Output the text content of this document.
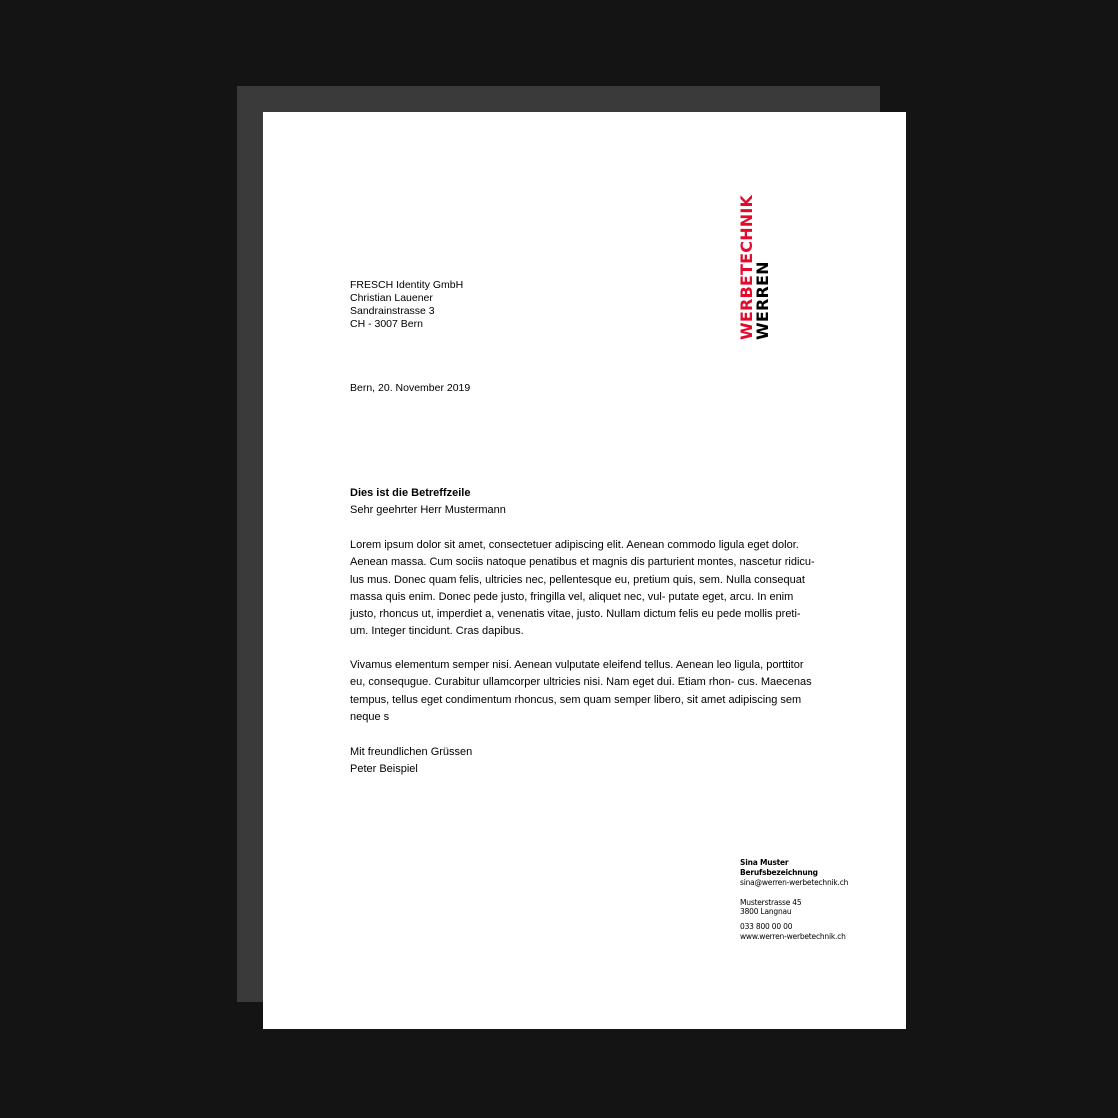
WERBETECHNIK
WERREN
FRESCH Identity GmbH
Christian Lauener
Sandrainstrasse 3
CH - 3007 Bern
Bern, 20. November 2019
Dies ist die Betreffzeile
Sehr geehrter Herr Mustermann
Lorem ipsum dolor sit amet, consectetuer adipiscing elit. Aenean commodo ligula eget dolor.
Aenean massa. Cum sociis natoque penatibus et magnis dis parturient montes, nascetur ridicu-
lus mus. Donec quam felis, ultricies nec, pellentesque eu, pretium quis, sem. Nulla consequat
massa quis enim. Donec pede justo, fringilla vel, aliquet nec, vul- putate eget, arcu. In enim
justo, rhoncus ut, imperdiet a, venenatis vitae, justo. Nullam dictum felis eu pede mollis preti-
um. Integer tincidunt. Cras dapibus.
Vivamus elementum semper nisi. Aenean vulputate eleifend tellus. Aenean leo ligula, porttitor
eu, consequgue. Curabitur ullamcorper ultricies nisi. Nam eget dui. Etiam rhon- cus. Maecenas
tempus, tellus eget condimentum rhoncus, sem quam semper libero, sit amet adipiscing sem
neque s
Mit freundlichen Grüssen
Peter Beispiel
Sina Muster
Berufsbezeichnung
sina@werren-werbetechnik.ch
Musterstrasse 45
3800 Langnau
033 800 00 00
www.werren-werbetechnik.ch
